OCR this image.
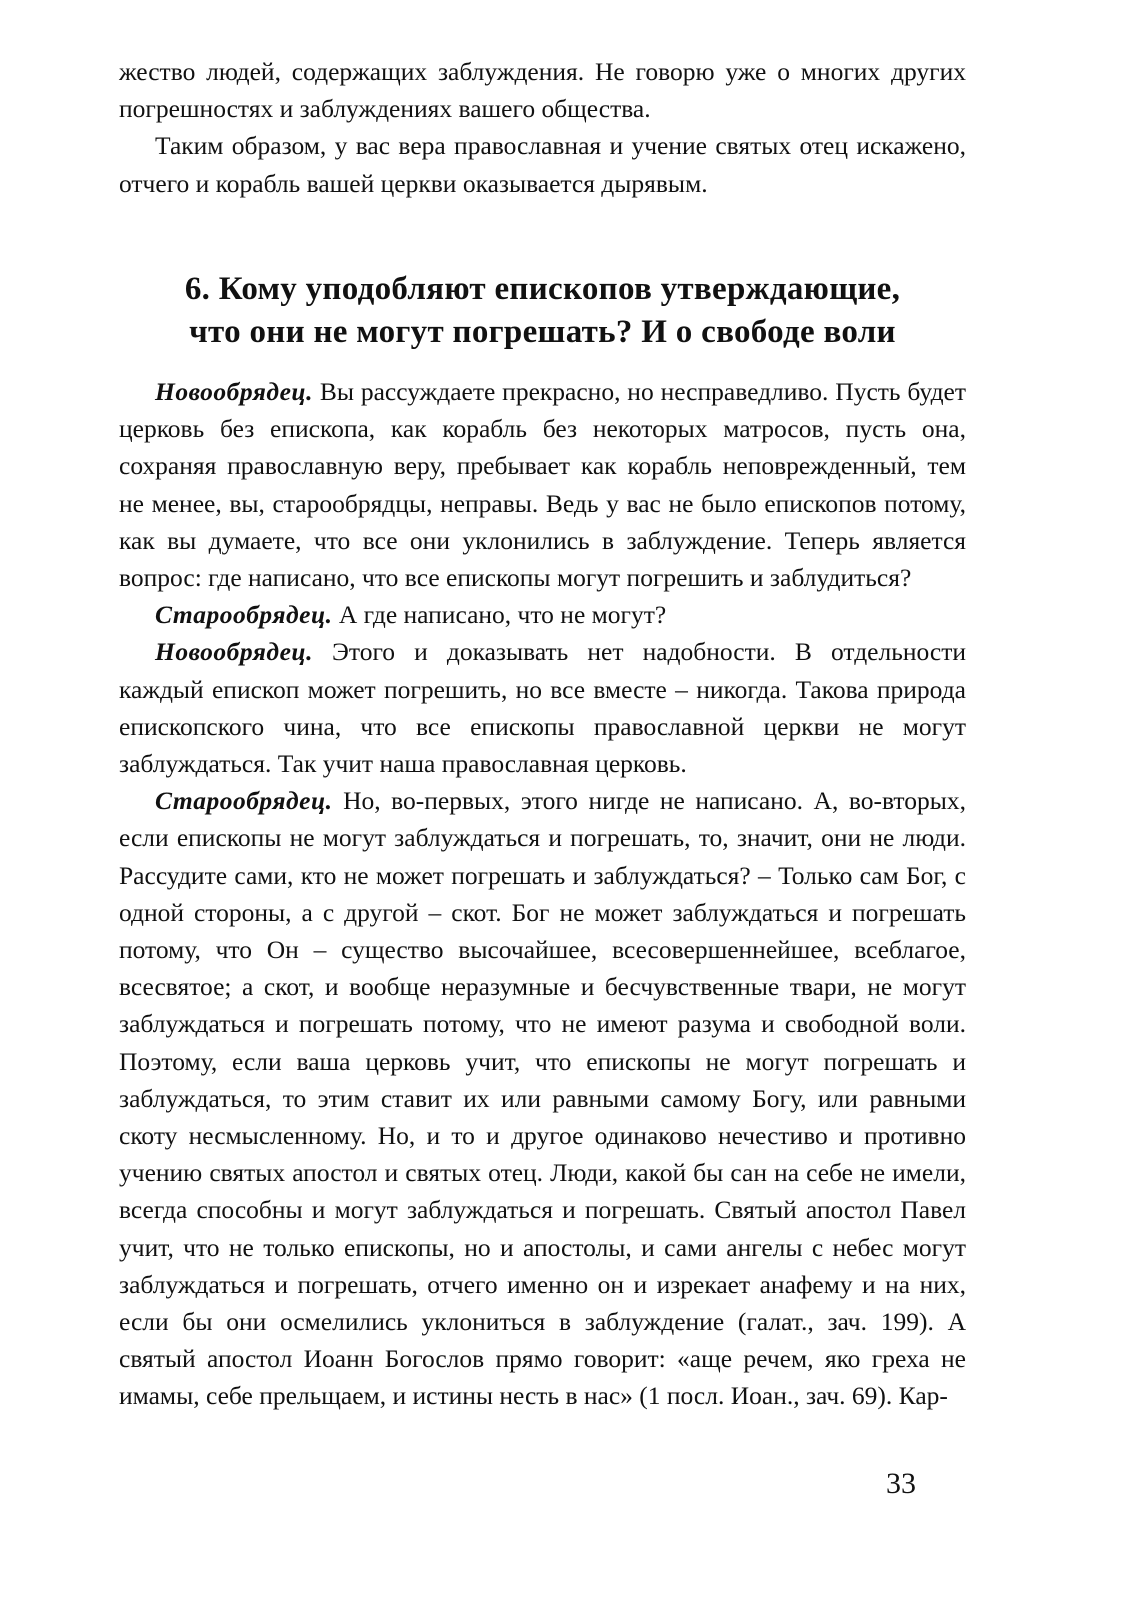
жество людей, содержащих заблуждения. Не говорю уже о многих других погрешностях и заблуждениях вашего общества.

Таким образом, у вас вера православная и учение святых отец искажено, отчего и корабль вашей церкви оказывается дырявым.

6. Кому уподобляют епископов утверждающие,
что они не могут погрешать? И о свободе воли

Новообрядец. Вы рассуждаете прекрасно, но несправедливо. Пусть будет церковь без епископа, как корабль без некоторых матросов, пусть она, сохраняя православную веру, пребывает как корабль неповрежденный, тем не менее, вы, старообрядцы, неправы. Ведь у вас не было епископов потому, как вы думаете, что все они уклонились в заблуждение. Теперь является вопрос: где написано, что все епископы могут погрешить и заблудиться?

Старообрядец. А где написано, что не могут?

Новообрядец. Этого и доказывать нет надобности. В отдельности каждый епископ может погрешить, но все вместе – никогда. Такова природа епископского чина, что все епископы православной церкви не могут заблуждаться. Так учит наша православная церковь.

Старообрядец. Но, во-первых, этого нигде не написано. А, во-вторых, если епископы не могут заблуждаться и погрешать, то, значит, они не люди. Рассудите сами, кто не может погрешать и заблуждаться? – Только сам Бог, с одной стороны, а с другой – скот. Бог не может заблуждаться и погрешать потому, что Он – существо высочайшее, всесовершеннейшее, всеблагое, всесвятое; а скот, и вообще неразумные и бесчувственные твари, не могут заблуждаться и погрешать потому, что не имеют разума и свободной воли. Поэтому, если ваша церковь учит, что епископы не могут погрешать и заблуждаться, то этим ставит их или равными самому Богу, или равными скоту несмысленному. Но, и то и другое одинаково нечестиво и противно учению святых апостол и святых отец. Люди, какой бы сан на себе не имели, всегда способны и могут заблуждаться и погрешать. Святый апостол Павел учит, что не только епископы, но и апостолы, и сами ангелы с небес могут заблуждаться и погрешать, отчего именно он и изрекает анафему и на них, если бы они осмелились уклониться в заблуждение (галат., зач. 199). А святый апостол Иоанн Богослов прямо говорит: «аще речем, яко греха не имамы, себе прельщаем, и истины несть в нас» (1 посл. Иоан., зач. 69). Кар-

33
